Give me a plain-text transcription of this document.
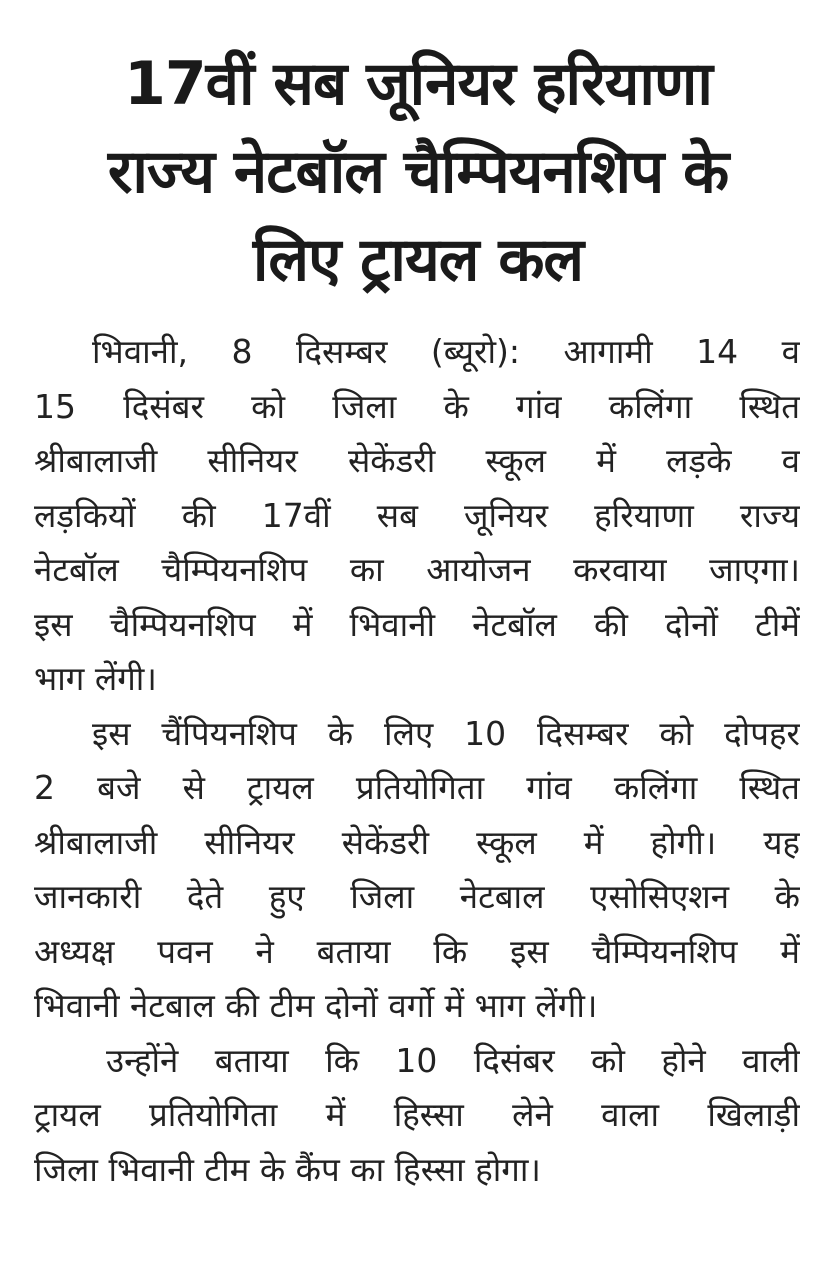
17वीं सब जूनियर हरियाणा
राज्य नेटबॉल चैम्पियनशिप के
लिए ट्रायल कल
भिवानी, 8 दिसम्बर (ब्यूरो): आगामी 14 व
15 दिसंबर को जिला के गांव कलिंगा स्थित
श्रीबालाजी सीनियर सेकेंडरी स्कूल में लड़के व
लड़कियों की 17वीं सब जूनियर हरियाणा राज्य
नेटबॉल चैम्पियनशिप का आयोजन करवाया जाएगा।
इस चैम्पियनशिप में भिवानी नेटबॉल की दोनों टीमें
भाग लेंगी।
इस चैंपियनशिप के लिए 10 दिसम्बर को दोपहर
2 बजे से ट्रायल प्रतियोगिता गांव कलिंगा स्थित
श्रीबालाजी सीनियर सेकेंडरी स्कूल में होगी। यह
जानकारी देते हुए जिला नेटबाल एसोसिएशन के
अध्यक्ष पवन ने बताया कि इस चैम्पियनशिप में
भिवानी नेटबाल की टीम दोनों वर्गो में भाग लेंगी।
उन्होंने बताया कि 10 दिसंबर को होने वाली
ट्रायल प्रतियोगिता में हिस्सा लेने वाला खिलाड़ी
जिला भिवानी टीम के कैंप का हिस्सा होगा।
